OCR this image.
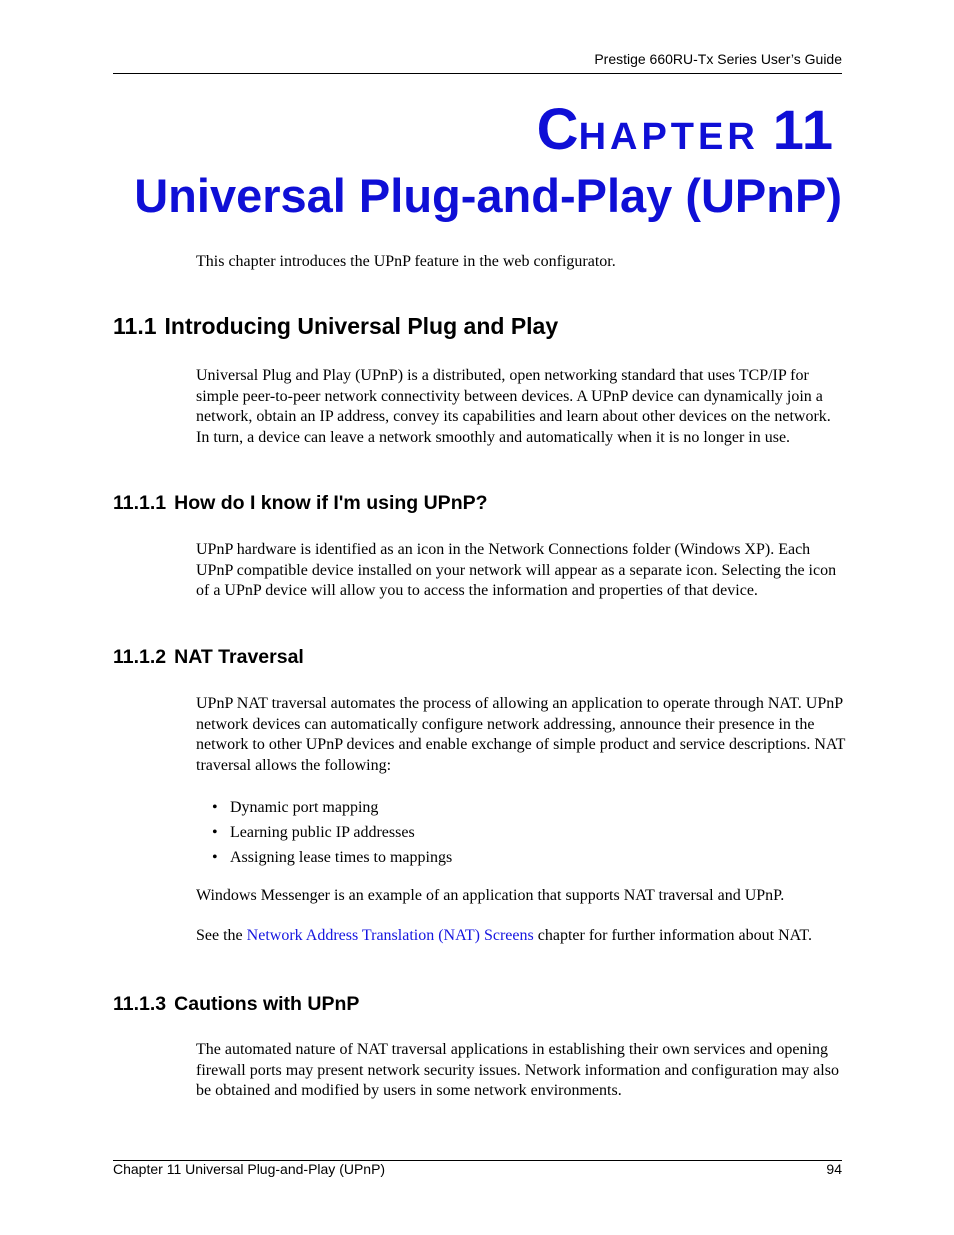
Prestige 660RU-Tx Series User’s Guide
CHAPTER 11
Universal Plug-and-Play (UPnP)

This chapter introduces the UPnP feature in the web configurator.

11.1 Introducing Universal Plug and Play

Universal Plug and Play (UPnP) is a distributed, open networking standard that uses TCP/IP for simple peer-to-peer network connectivity between devices. A UPnP device can dynamically join a network, obtain an IP address, convey its capabilities and learn about other devices on the network. In turn, a device can leave a network smoothly and automatically when it is no longer in use.

11.1.1 How do I know if I'm using UPnP?

UPnP hardware is identified as an icon in the Network Connections folder (Windows XP). Each UPnP compatible device installed on your network will appear as a separate icon. Selecting the icon of a UPnP device will allow you to access the information and properties of that device.

11.1.2 NAT Traversal

UPnP NAT traversal automates the process of allowing an application to operate through NAT. UPnP network devices can automatically configure network addressing, announce their presence in the network to other UPnP devices and enable exchange of simple product and service descriptions. NAT traversal allows the following:

• Dynamic port mapping
• Learning public IP addresses
• Assigning lease times to mappings

Windows Messenger is an example of an application that supports NAT traversal and UPnP.

See the Network Address Translation (NAT) Screens chapter for further information about NAT.

11.1.3 Cautions with UPnP

The automated nature of NAT traversal applications in establishing their own services and opening firewall ports may present network security issues. Network information and configuration may also be obtained and modified by users in some network environments.

Chapter 11 Universal Plug-and-Play (UPnP)	94
